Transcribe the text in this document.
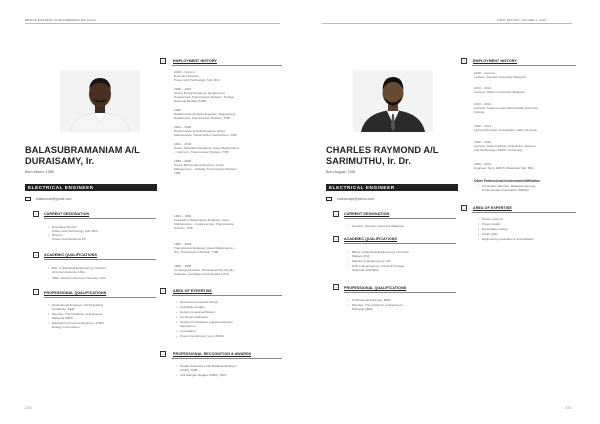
BRIDGE BUILDERS IN ENGINEERING MALAYSIA
BALASUBRAMANIAM A/L
DURAISAMY, Ir.
Born March, 1958
ELECTRICAL ENGINEER
balakumari@gmail.com
▪	CURRENT DESIGNATION
• Executive Director
Power Grid Technology Sdn. Bhd.
• Director
Power Grid Solutions Plt.
▪	ACADEMIC QUALIFICATIONS
• BSc. in Electrical Engineering, Northern
Arizona University, USA
• MBA, Northern Arizona University, USA
▪	PROFESSIONAL QUALIFICATIONS
• Professional Engineer with Practising
Certificate, BEM
• Member, The Institution of Engineers
Malaysia (IEM)
• Electrical Competent Engineer, 275kV,
Energy Commission
▪	EMPLOYMENT HISTORY
2018 – Current
Executive Director
Power Grid Technology Sdn. Bhd.
2005 – 2018
Senior Design Engineer, Engineering
Department, Transmission Division, Tenaga
Nasional Berhad (TNB)
2005
Performance Analysis Engineer, Engineering
Department, Transmission Division, TNB
2003 – 2005
Performance & Audit Engineer, Asset
Maintenance, Transmission Department, TNB
2001 – 2003
Senior Substation Engineer, Asset Maintenance
– Central 1, Transmission Division, TNB
1999 – 2000
Senior Maintenance Engineer, Asset
Maintenance – Melaka, Transmission Division,
TNB
1994 – 1999
Substation Maintenance Engineer, Asset
Maintenance – Kuala Lumpur, Transmission
Division, TNB
1986 – 1994
Transmission Engineer, Asset Maintenance –
HQ, Transmission Division, TNB
1985 – 1986
Technical Assistant, Rural Electricity Supply –
Selangor, Lembaga Letrik Negara (LLN)
▪	AREA OF EXPERTISE
• Electrical conceptual design
• Feasibility studies
• Design review/verification
• Technical evaluation
• Testing of substation equipment/power
transformer
• consultancy
• Power transformers up to 500kV
▪	PROFESSIONAL RECOGNITION & AWARDS
• Darjah Kebesaran Ahli Mahkota Selangor
(AMS), 1996
• Ahli Mangku Negara (AMN), 1997
330
FIRST EDITION, VOLUME 4, 2019
CHARLES RAYMOND A/L
SARIMUTHU, Ir. Dr.
Born August, 1981
ELECTRICAL ENGINEER
charlscrays@yahoo.com
▪	CURRENT DESIGNATION
• Lecturer, Monash University Malaysia
▪	ACADEMIC QUALIFICATIONS
• BEng. in Electrical Engineering, Universiti
Malaya (UM)
• Masters in Engineering, UM
• PhD in Engineering, Universiti Tenaga
Nasional (UNITEN)
▪	PROFESSIONAL QUALIFICATIONS
• Professional Engineer, BEM
• Member, The Institution of Engineers
Malaysia (IEM)
▪	EMPLOYMENT HISTORY
2018 – Current
Lecturer, Monash University Malaysia
2014 – 2016
Lecturer, Taylor's University Malaysia
2013 – 2014
Lecturer, Kuala Lumpur Metropolitan University
College
2010 – 2013
Lecturer/Program Coordinator, Nilai University
2010 – 2010
Lecturer, Asian Institute of Medicine, Science
and Technology (AIMST University)
2006 – 2010
Engineer, Sony EMCS (Malaysia) Sdn. Bhd.
Other Professional Involvement/Affiliation
• Committee Member, Malaysian Energy
Professionals Association (MEPA)
▪	AREA OF EXPERTISE
• Power systems
• Power quality
• Renewable energy
• Smart grids
• Engineering education & accreditation
331
